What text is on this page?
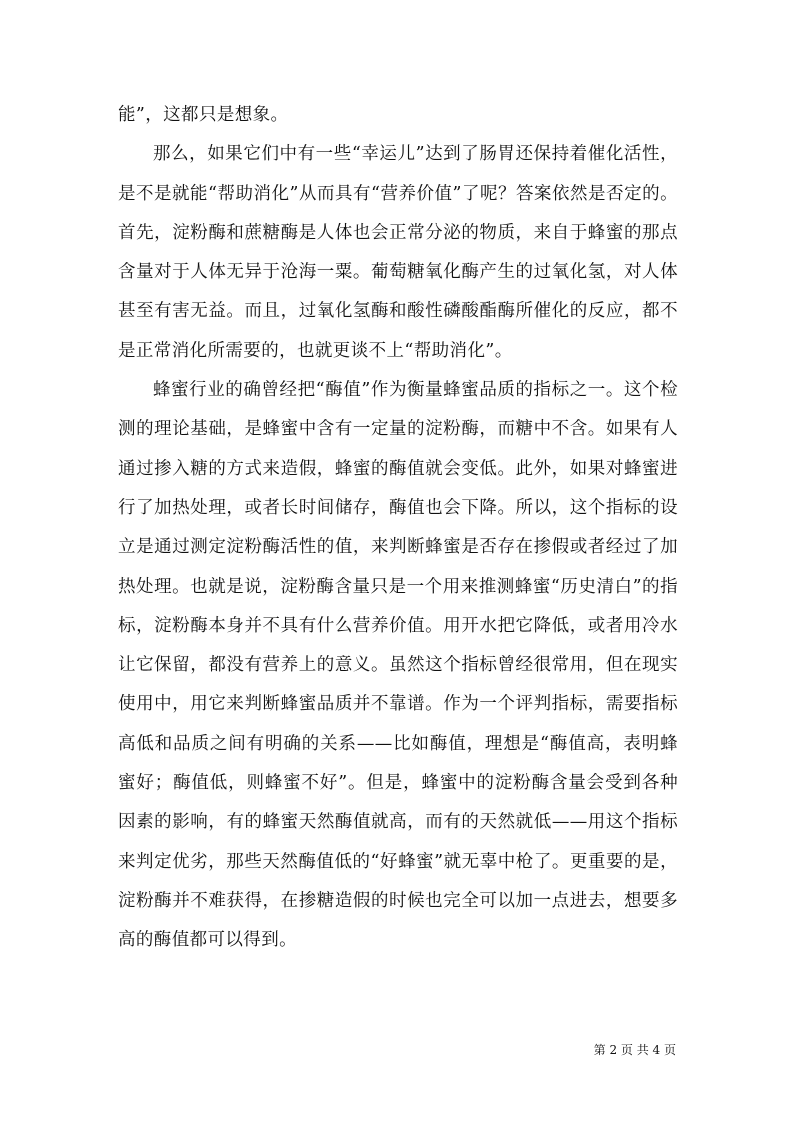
能”，这都只是想象。

那么，如果它们中有一些“幸运儿”达到了肠胃还保持着催化活性，是不是就能“帮助消化”从而具有“营养价值”了呢？答案依然是否定的。首先，淀粉酶和蔗糖酶是人体也会正常分泌的物质，来自于蜂蜜的那点含量对于人体无异于沧海一粟。葡萄糖氧化酶产生的过氧化氢，对人体甚至有害无益。而且，过氧化氢酶和酸性磷酸酯酶所催化的反应，都不是正常消化所需要的，也就更谈不上“帮助消化”。

蜂蜜行业的确曾经把“酶值”作为衡量蜂蜜品质的指标之一。这个检测的理论基础，是蜂蜜中含有一定量的淀粉酶，而糖中不含。如果有人通过掺入糖的方式来造假，蜂蜜的酶值就会变低。此外，如果对蜂蜜进行了加热处理，或者长时间储存，酶值也会下降。所以，这个指标的设立是通过测定淀粉酶活性的值，来判断蜂蜜是否存在掺假或者经过了加热处理。也就是说，淀粉酶含量只是一个用来推测蜂蜜“历史清白”的指标，淀粉酶本身并不具有什么营养价值。用开水把它降低，或者用冷水让它保留，都没有营养上的意义。虽然这个指标曾经很常用，但在现实使用中，用它来判断蜂蜜品质并不靠谱。作为一个评判指标，需要指标高低和品质之间有明确的关系——比如酶值，理想是“酶值高，表明蜂蜜好；酶值低，则蜂蜜不好”。但是，蜂蜜中的淀粉酶含量会受到各种因素的影响，有的蜂蜜天然酶值就高，而有的天然就低——用这个指标来判定优劣，那些天然酶值低的“好蜂蜜”就无辜中枪了。更重要的是，淀粉酶并不难获得，在掺糖造假的时候也完全可以加一点进去，想要多高的酶值都可以得到。

第 2 页 共 4 页
